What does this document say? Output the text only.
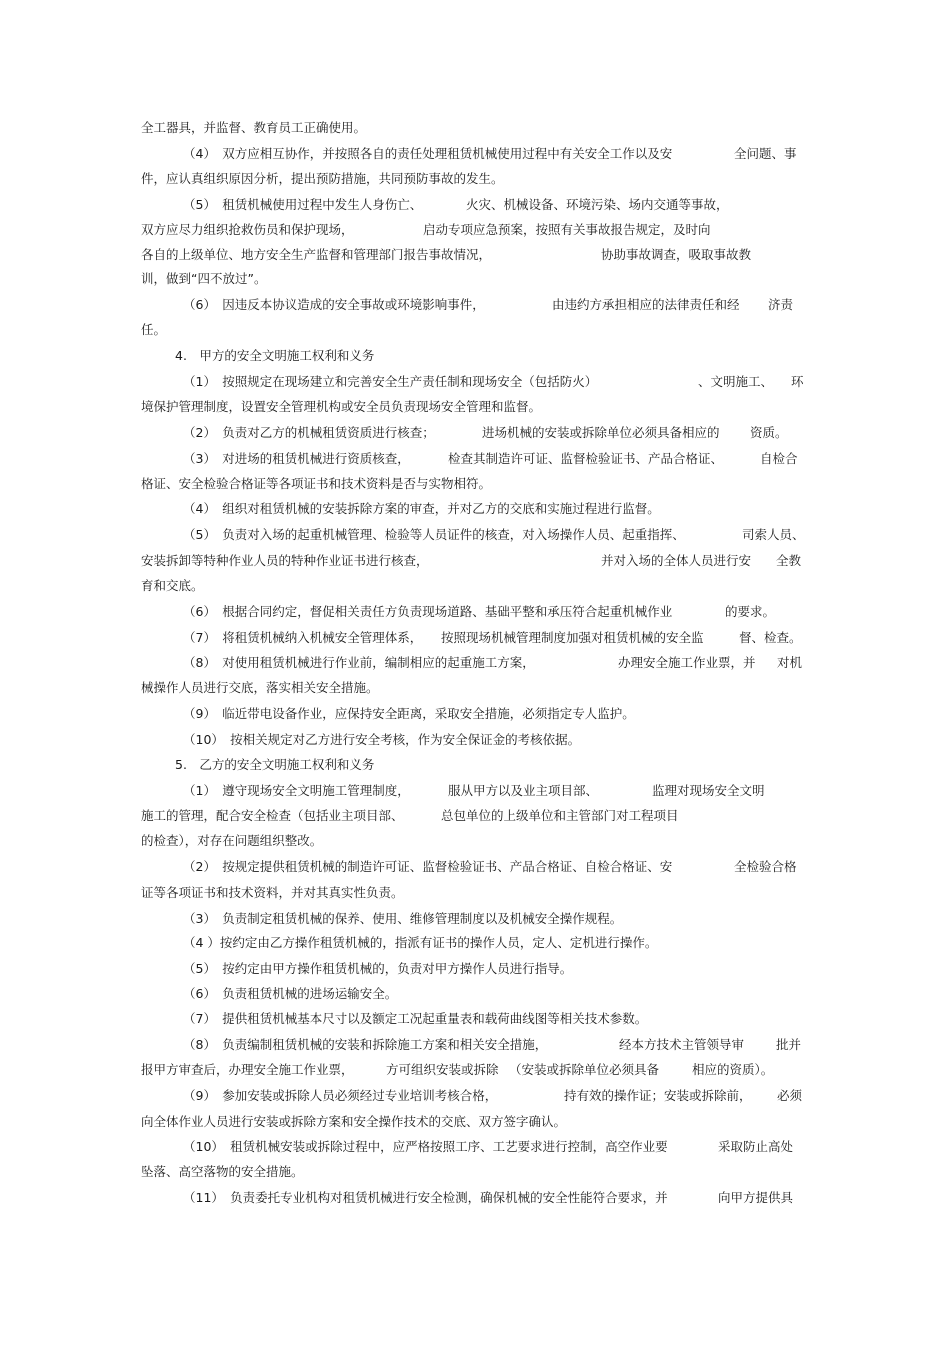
全工器具，并监督、教育员工正确使用。
（4）　双方应相互协作，并按照各自的责任处理租赁机械使用过程中有关安全工作以及安	全问题、事
件，应认真组织原因分析，提出预防措施，共同预防事故的发生。
（5）　租赁机械使用过程中发生人身伤亡、	火灾、机械设备、环境污染、场内交通等事故，
双方应尽力组织抢救伤员和保护现场，	启动专项应急预案，按照有关事故报告规定，及时向
各自的上级单位、地方安全生产监督和管理部门报告事故情况，	协助事故调查，吸取事故教
训，做到“四不放过”。
（6）　因违反本协议造成的安全事故或环境影响事件，	由违约方承担相应的法律责任和经 济责
任。
4.　甲方的安全文明施工权利和义务
（1）　按照规定在现场建立和完善安全生产责任制和现场安全（包括防火）	、文明施工、 环
境保护管理制度，设置安全管理机构或安全员负责现场安全管理和监督。
（2）　负责对乙方的机械租赁资质进行核查；	进场机械的安装或拆除单位必须具备相应的 资质。
（3）　对进场的租赁机械进行资质核查，	检查其制造许可证、监督检验证书、产品合格证、	自检合
格证、安全检验合格证等各项证书和技术资料是否与实物相符。
（4）　组织对租赁机械的安装拆除方案的审查，并对乙方的交底和实施过程进行监督。
（5）　负责对入场的起重机械管理、检验等人员证件的核查，对入场操作人员、起重指挥、	司索人员、
安装拆卸等特种作业人员的特种作业证书进行核查，	并对入场的全体人员进行安 全教
育和交底。
（6）　根据合同约定，督促相关责任方负责现场道路、基础平整和承压符合起重机械作业	的要求。
（7）　将租赁机械纳入机械安全管理体系， 按照现场机械管理制度加强对租赁机械的安全监	督、检查。
（8）　对使用租赁机械进行作业前，编制相应的起重施工方案，	办理安全施工作业票，并 对机
械操作人员进行交底，落实相关安全措施。
（9）　临近带电设备作业，应保持安全距离，采取安全措施，必须指定专人监护。
（10）　按相关规定对乙方进行安全考核，作为安全保证金的考核依据。
5.　乙方的安全文明施工权利和义务
（1）　遵守现场安全文明施工管理制度，	服从甲方以及业主项目部、	监理对现场安全文明
施工的管理，配合安全检查（包括业主项目部、	总包单位的上级单位和主管部门对工程项目
的检查），对存在问题组织整改。
（2）　按规定提供租赁机械的制造许可证、监督检验证书、产品合格证、自检合格证、安	全检验合格
证等各项证书和技术资料，并对其真实性负责。
（3）　负责制定租赁机械的保养、使用、维修管理制度以及机械安全操作规程。
（4 ）按约定由乙方操作租赁机械的，指派有证书的操作人员，定人、定机进行操作。
（5）　按约定由甲方操作租赁机械的，负责对甲方操作人员进行指导。
（6）　负责租赁机械的进场运输安全。
（7）　提供租赁机械基本尺寸以及额定工况起重量表和载荷曲线图等相关技术参数。
（8）　负责编制租赁机械的安装和拆除施工方案和相关安全措施，	经本方技术主管领导审	批并
报甲方审查后，办理安全施工作业票，	方可组织安装或拆除 （安装或拆除单位必须具备	相应的资质）。
（9）　参加安装或拆除人员必须经过专业培训考核合格，	持有效的操作证；安装或拆除前， 必须
向全体作业人员进行安装或拆除方案和安全操作技术的交底、双方签字确认。
（10）　租赁机械安装或拆除过程中，应严格按照工序、工艺要求进行控制，高空作业要	采取防止高处
坠落、高空落物的安全措施。
（11）　负责委托专业机构对租赁机械进行安全检测，确保机械的安全性能符合要求，并	向甲方提供具
